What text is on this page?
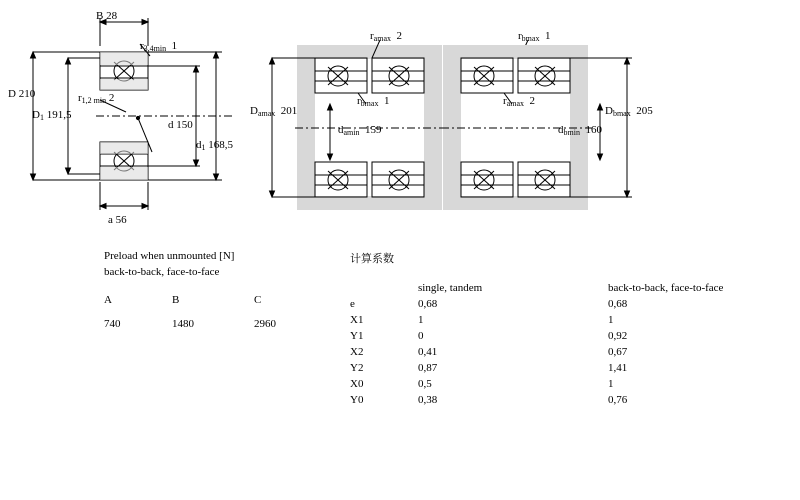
B 28
$r_{3,4min}$ 1
D 210	$r_{1,2 min}$ 2
$D_1$ 191,5
d 150
$d_1$ 168,5
a 56
$r_{amax}$ 2
$D_{amax}$ 201
$r_{bmax}$ 1
$d_{amin}$ 159
$r_{bmax}$ 1
$r_{amax}$ 2
$D_{bmax}$ 205
$d_{bmin}$ 160
Preload when unmounted [N]
back-to-back, face-to-face
A	B	C
740	1480	2960
计算系数
	single, tandem	back-to-back, face-to-face
e	0,68	0,68
X1	1	1
Y1	0	0,92
X2	0,41	0,67
Y2	0,87	1,41
X0	0,5	1
Y0	0,38	0,76
